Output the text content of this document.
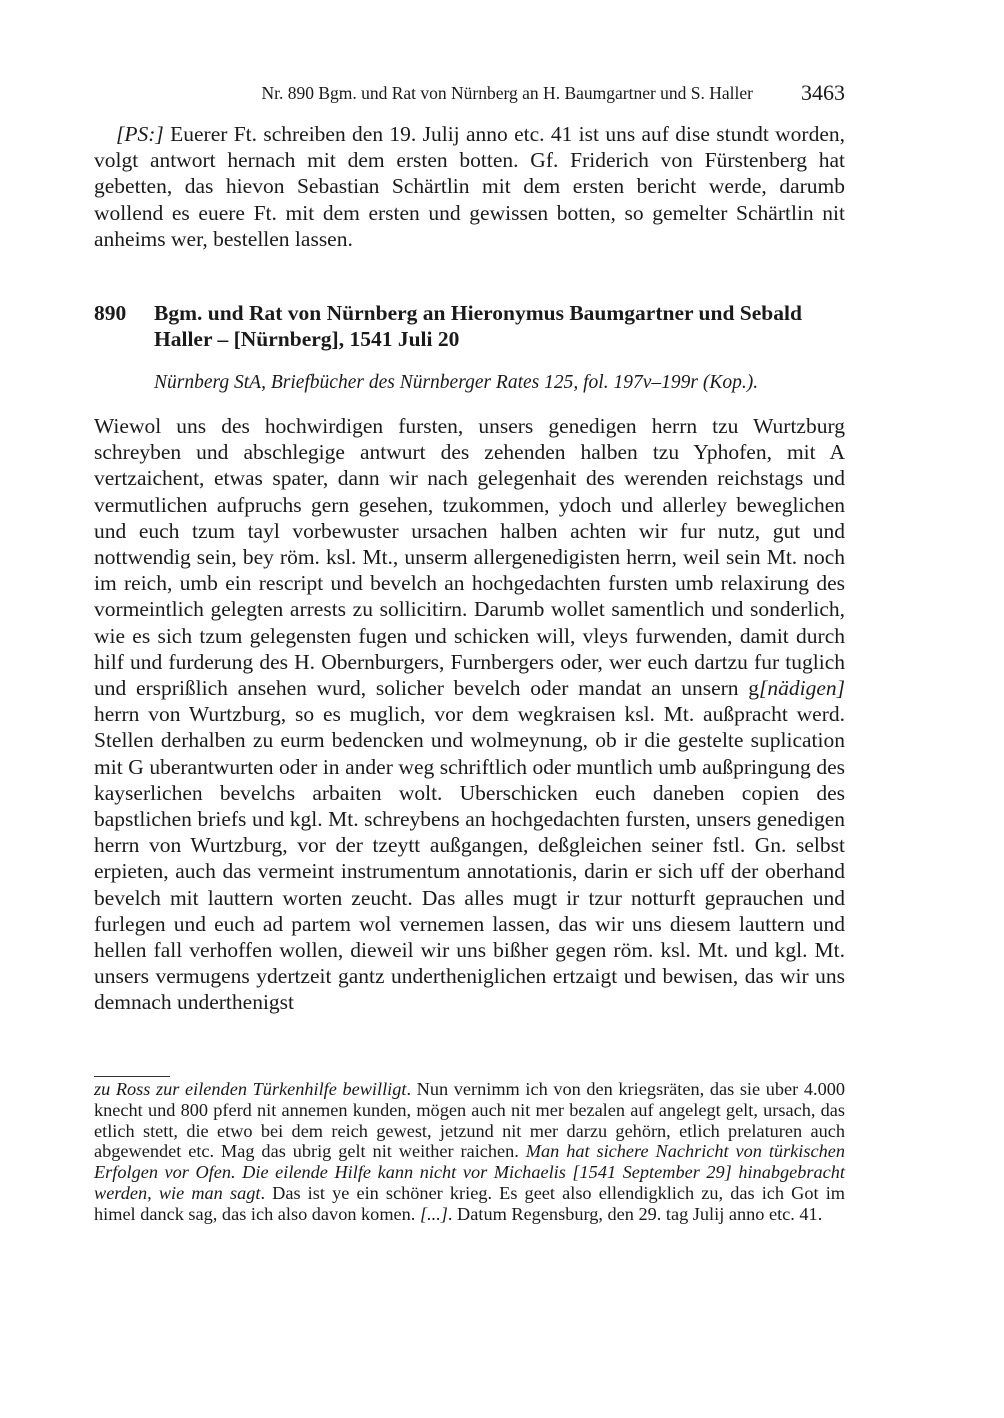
Nr. 890 Bgm. und Rat von Nürnberg an H. Baumgartner und S. Haller 3463

[PS:] Euerer Ft. schreiben den 19. Julij anno etc. 41 ist uns auf dise stundt worden, volgt antwort hernach mit dem ersten botten. Gf. Friderich von Fürstenberg hat gebetten, das hievon Sebastian Schärtlin mit dem ersten bericht werde, darumb wollend es euere Ft. mit dem ersten und gewissen botten, so gemelter Schärtlin nit anheims wer, bestellen lassen.

890 Bgm. und Rat von Nürnberg an Hieronymus Baumgartner und Sebald Haller – [Nürnberg], 1541 Juli 20
Nürnberg StA, Briefbücher des Nürnberger Rates 125, fol. 197v–199r (Kop.).

Wiewol uns des hochwirdigen fursten, unsers genedigen herrn tzu Wurtzburg schreyben und abschlegige antwurt des zehenden halben tzu Yphofen, mit A vertzaichent, etwas spater, dann wir nach gelegenhait des werenden reichstags und vermutlichen aufpruchs gern gesehen, tzukommen, ydoch und allerley beweglichen und euch tzum tayl vorbewuster ursachen halben achten wir fur nutz, gut und nottwendig sein, bey röm. ksl. Mt., unserm allergenedigisten herrn, weil sein Mt. noch im reich, umb ein rescript und bevelch an hochgedachten fursten umb relaxirung des vormeintlich gelegten arrests zu sollicitirn. Darumb wollet samentlich und sonderlich, wie es sich tzum gelegensten fugen und schicken will, vleys furwenden, damit durch hilf und furderung des H. Obernburgers, Furnbergers oder, wer euch dartzu fur tuglich und ersprißlich ansehen wurd, solicher bevelch oder mandat an unsern g[nädigen] herrn von Wurtzburg, so es muglich, vor dem wegkraisen ksl. Mt. außpracht werd. Stellen derhalben zu eurm bedencken und wolmeynung, ob ir die gestelte suplication mit G uberantwurten oder in ander weg schriftlich oder muntlich umb außpringung des kayserlichen bevelchs arbaiten wolt. Uberschicken euch daneben copien des bapstlichen briefs und kgl. Mt. schreybens an hochgedachten fursten, unsers genedigen herrn von Wurtzburg, vor der tzeytt außgangen, deßgleichen seiner fstl. Gn. selbst erpieten, auch das vermeint instrumentum annotationis, darin er sich uff der oberhand bevelch mit lauttern worten zeucht. Das alles mugt ir tzur notturft geprauchen und furlegen und euch ad partem wol vernemen lassen, das wir uns diesem lauttern und hellen fall verhoffen wollen, dieweil wir uns bißher gegen röm. ksl. Mt. und kgl. Mt. unsers vermugens ydertzeit gantz undertheniglichen ertzaigt und bewisen, das wir uns demnach underthenigst

zu Ross zur eilenden Türkenhilfe bewilligt. Nun vernimm ich von den kriegsräten, das sie uber 4.000 knecht und 800 pferd nit annemen kunden, mögen auch nit mer bezalen auf angelegt gelt, ursach, das etlich stett, die etwo bei dem reich gewest, jetzund nit mer darzu gehörn, etlich prelaturen auch abgewendet etc. Mag das ubrig gelt nit weither raichen. Man hat sichere Nachricht von türkischen Erfolgen vor Ofen. Die eilende Hilfe kann nicht vor Michaelis [1541 September 29] hinabgebracht werden, wie man sagt. Das ist ye ein schöner krieg. Es geet also ellendigklich zu, das ich Got im himel danck sag, das ich also davon komen. [...]. Datum Regensburg, den 29. tag Julij anno etc. 41.
